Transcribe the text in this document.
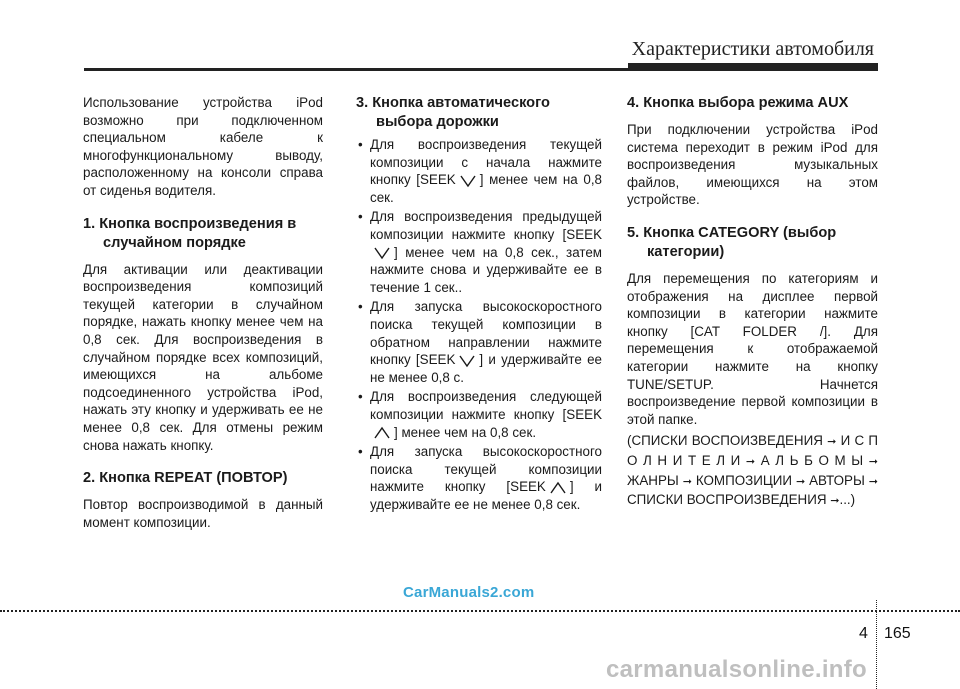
Характеристики автомобиля

Использование устройства iPod возможно при подключенном специальном кабеле к многофункциональному выводу, расположенному на консоли справа от сиденья водителя.

1. Кнопка воспроизведения в случайном порядке

Для активации или деактивации воспроизведения композиций текущей категории в случайном порядке, нажать кнопку менее чем на 0,8 сек. Для воспроизведения в случайном порядке всех композиций, имеющихся на альбоме подсоединенного устройства iPod, нажать эту кнопку и удерживать ее не менее 0,8 сек. Для отмены режим снова нажать кнопку.

2. Кнопка REPEAT (ПОВТОР)

Повтор воспроизводимой в данный момент композиции.

3. Кнопка автоматического выбора дорожки
• Для воспроизведения текущей композиции с начала нажмите кнопку [SEEK ] менее чем на 0,8 сек.
• Для воспроизведения предыдущей композиции нажмите кнопку [SEEK
] менее чем на 0,8 сек., затем нажмите снова и удерживайте ее в течение 1 сек..
• Для запуска высокоскоростного поиска текущей композиции в обратном направлении нажмите кнопку [SEEK ] и удерживайте ее не менее 0,8 с.
• Для воспроизведения следующей композиции нажмите кнопку [SEEK
] менее чем на 0,8 сек.
• Для запуска высокоскоростного поиска текущей композиции нажмите кнопку [SEEK ] и удерживайте ее не менее 0,8 сек.
4. Кнопка выбора режима AUX

При подключении устройства iPod система переходит в режим iPod для воспроизведения музыкальных файлов, имеющихся на этом устройстве.

5. Кнопка CATEGORY (выбор категории)

Для перемещения по категориям и отображения на дисплее первой композиции в категории нажмите кнопку [CAT FOLDER /]. Для перемещения к отображаемой категории нажмите на кнопку TUNE/SETUP. Начнется воспроизведение первой композиции в этой папке.

(СПИСКИ ВОСПОИЗВЕДЕНИЯ ➞ И С П О Л Н И Т Е Л И ➞ А Л Ь Б О М Ы ➞ ЖАНРЫ ➞ КОМПОЗИЦИИ ➞ АВТОРЫ ➞ СПИСКИ ВОСПРОИЗВЕДЕНИЯ ➞...)

CarManuals2.com
4 165
carmanualsonline.info
